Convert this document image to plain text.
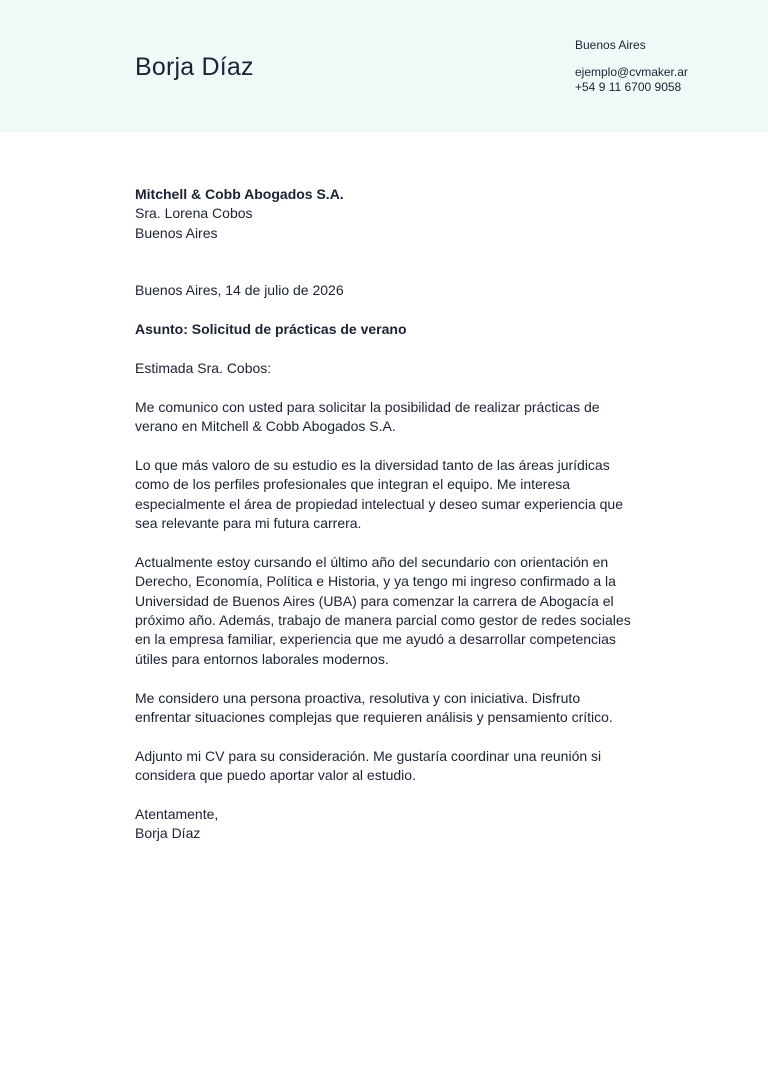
Borja Díaz
Buenos Aires
ejemplo@cvmaker.ar
+54 9 11 6700 9058
Mitchell & Cobb Abogados S.A.
Sra. Lorena Cobos
Buenos Aires

Buenos Aires, 14 de julio de 2026

Asunto: Solicitud de prácticas de verano

Estimada Sra. Cobos:

Me comunico con usted para solicitar la posibilidad de realizar prácticas de verano en Mitchell & Cobb Abogados S.A.

Lo que más valoro de su estudio es la diversidad tanto de las áreas jurídicas como de los perfiles profesionales que integran el equipo. Me interesa especialmente el área de propiedad intelectual y deseo sumar experiencia que sea relevante para mi futura carrera.

Actualmente estoy cursando el último año del secundario con orientación en Derecho, Economía, Política e Historia, y ya tengo mi ingreso confirmado a la Universidad de Buenos Aires (UBA) para comenzar la carrera de Abogacía el próximo año. Además, trabajo de manera parcial como gestor de redes sociales en la empresa familiar, experiencia que me ayudó a desarrollar competencias útiles para entornos laborales modernos.

Me considero una persona proactiva, resolutiva y con iniciativa. Disfruto enfrentar situaciones complejas que requieren análisis y pensamiento crítico.

Adjunto mi CV para su consideración. Me gustaría coordinar una reunión si considera que puedo aportar valor al estudio.

Atentamente,
Borja Díaz
